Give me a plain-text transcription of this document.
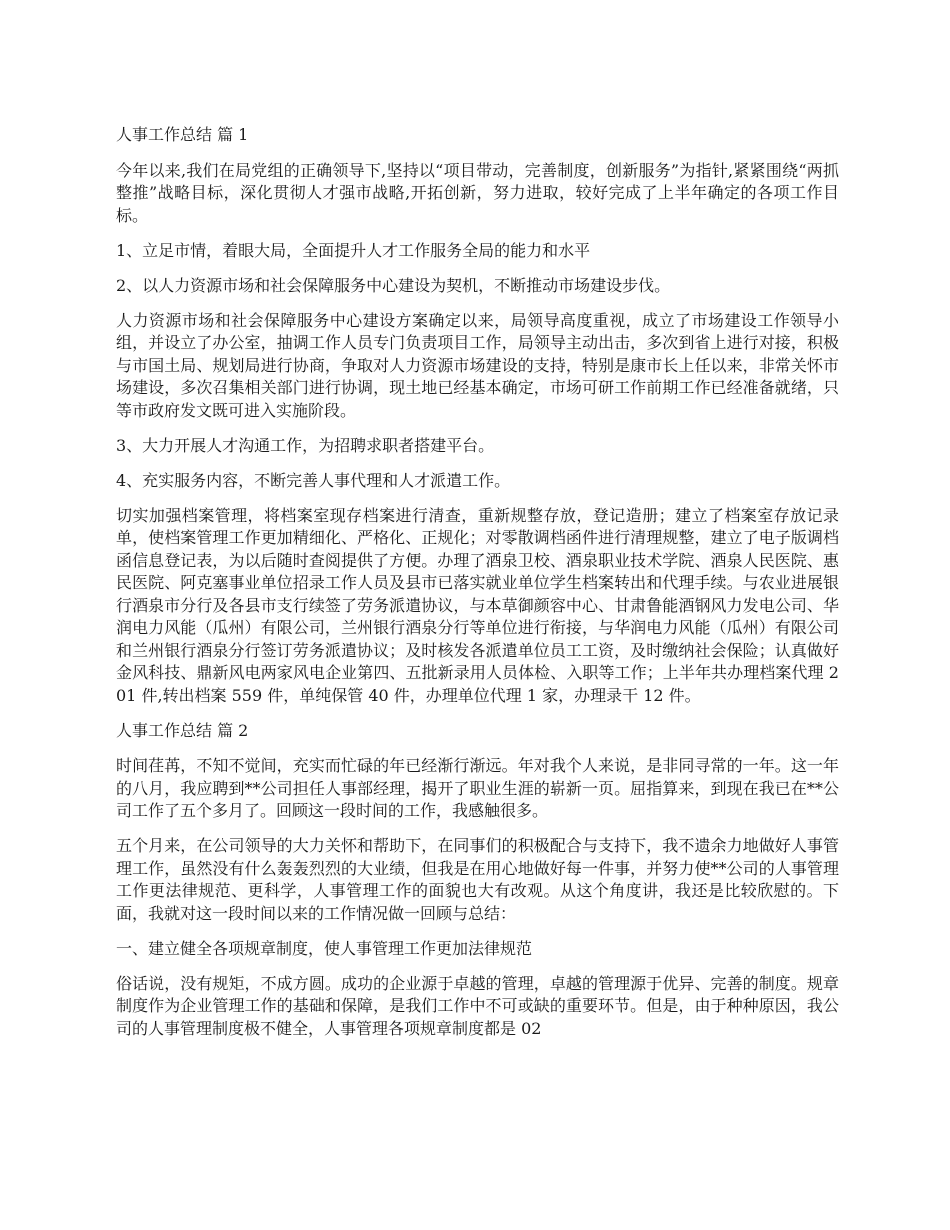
人事工作总结 篇 1

今年以来,我们在局党组的正确领导下,坚持以“项目带动，完善制度，创新服务”为指针,紧紧围绕“两抓整推”战略目标，深化贯彻人才强市战略,开拓创新，努力进取，较好完成了上半年确定的各项工作目标。

1、立足市情，着眼大局，全面提升人才工作服务全局的能力和水平

2、以人力资源市场和社会保障服务中心建设为契机，不断推动市场建设步伐。

人力资源市场和社会保障服务中心建设方案确定以来，局领导高度重视，成立了市场建设工作领导小组，并设立了办公室，抽调工作人员专门负责项目工作，局领导主动出击，多次到省上进行对接，积极与市国土局、规划局进行协商，争取对人力资源市场建设的支持，特别是康市长上任以来，非常关怀市场建设，多次召集相关部门进行协调，现土地已经基本确定，市场可研工作前期工作已经准备就绪，只等市政府发文既可进入实施阶段。

3、大力开展人才沟通工作，为招聘求职者搭建平台。

4、充实服务内容，不断完善人事代理和人才派遣工作。

切实加强档案管理，将档案室现存档案进行清查，重新规整存放，登记造册；建立了档案室存放记录单，使档案管理工作更加精细化、严格化、正规化；对零散调档函件进行清理规整，建立了电子版调档函信息登记表，为以后随时查阅提供了方便。办理了酒泉卫校、酒泉职业技术学院、酒泉人民医院、惠民医院、阿克塞事业单位招录工作人员及县市已落实就业单位学生档案转出和代理手续。与农业进展银行酒泉市分行及各县市支行续签了劳务派遣协议，与本草御颜容中心、甘肃鲁能酒钢风力发电公司、华润电力风能（瓜州）有限公司，兰州银行酒泉分行等单位进行衔接，与华润电力风能（瓜州）有限公司和兰州银行酒泉分行签订劳务派遣协议；及时核发各派遣单位员工工资，及时缴纳社会保险；认真做好金风科技、鼎新风电两家风电企业第四、五批新录用人员体检、入职等工作；上半年共办理档案代理 201 件,转出档案 559 件，单纯保管 40 件，办理单位代理 1 家，办理录干 12 件。

人事工作总结 篇 2

时间荏苒，不知不觉间，充实而忙碌的年已经渐行渐远。年对我个人来说，是非同寻常的一年。这一年的八月，我应聘到**公司担任人事部经理，揭开了职业生涯的崭新一页。屈指算来，到现在我已在**公司工作了五个多月了。回顾这一段时间的工作，我感触很多。

五个月来，在公司领导的大力关怀和帮助下，在同事们的积极配合与支持下，我不遗余力地做好人事管理工作，虽然没有什么轰轰烈烈的大业绩，但我是在用心地做好每一件事，并努力使**公司的人事管理工作更法律规范、更科学，人事管理工作的面貌也大有改观。从这个角度讲，我还是比较欣慰的。下面，我就对这一段时间以来的工作情况做一回顾与总结：

一、建立健全各项规章制度，使人事管理工作更加法律规范

俗话说，没有规矩，不成方圆。成功的企业源于卓越的管理，卓越的管理源于优异、完善的制度。规章制度作为企业管理工作的基础和保障，是我们工作中不可或缺的重要环节。但是，由于种种原因，我公司的人事管理制度极不健全，人事管理各项规章制度都是 02
